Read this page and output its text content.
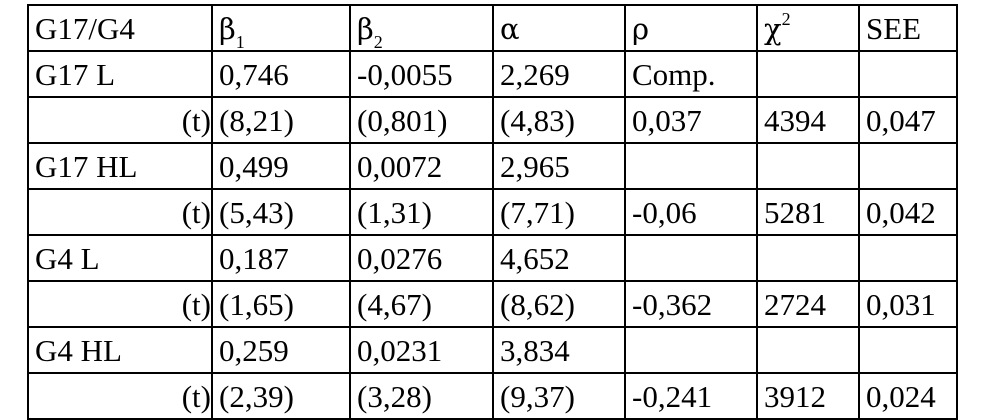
G17/G4	$\beta_1$	$\beta_2$	α	ρ	$\chi^2$	SEE
G17 L	0,746	-0,0055	2,269	Comp.		
(t)	(8,21)	(0,801)	(4,83)	0,037	4394	0,047
G17 HL	0,499	0,0072	2,965			
(t)	(5,43)	(1,31)	(7,71)	-0,06	5281	0,042
G4 L	0,187	0,0276	4,652			
(t)	(1,65)	(4,67)	(8,62)	-0,362	2724	0,031
G4 HL	0,259	0,0231	3,834			
(t)	(2,39)	(3,28)	(9,37)	-0,241	3912	0,024
